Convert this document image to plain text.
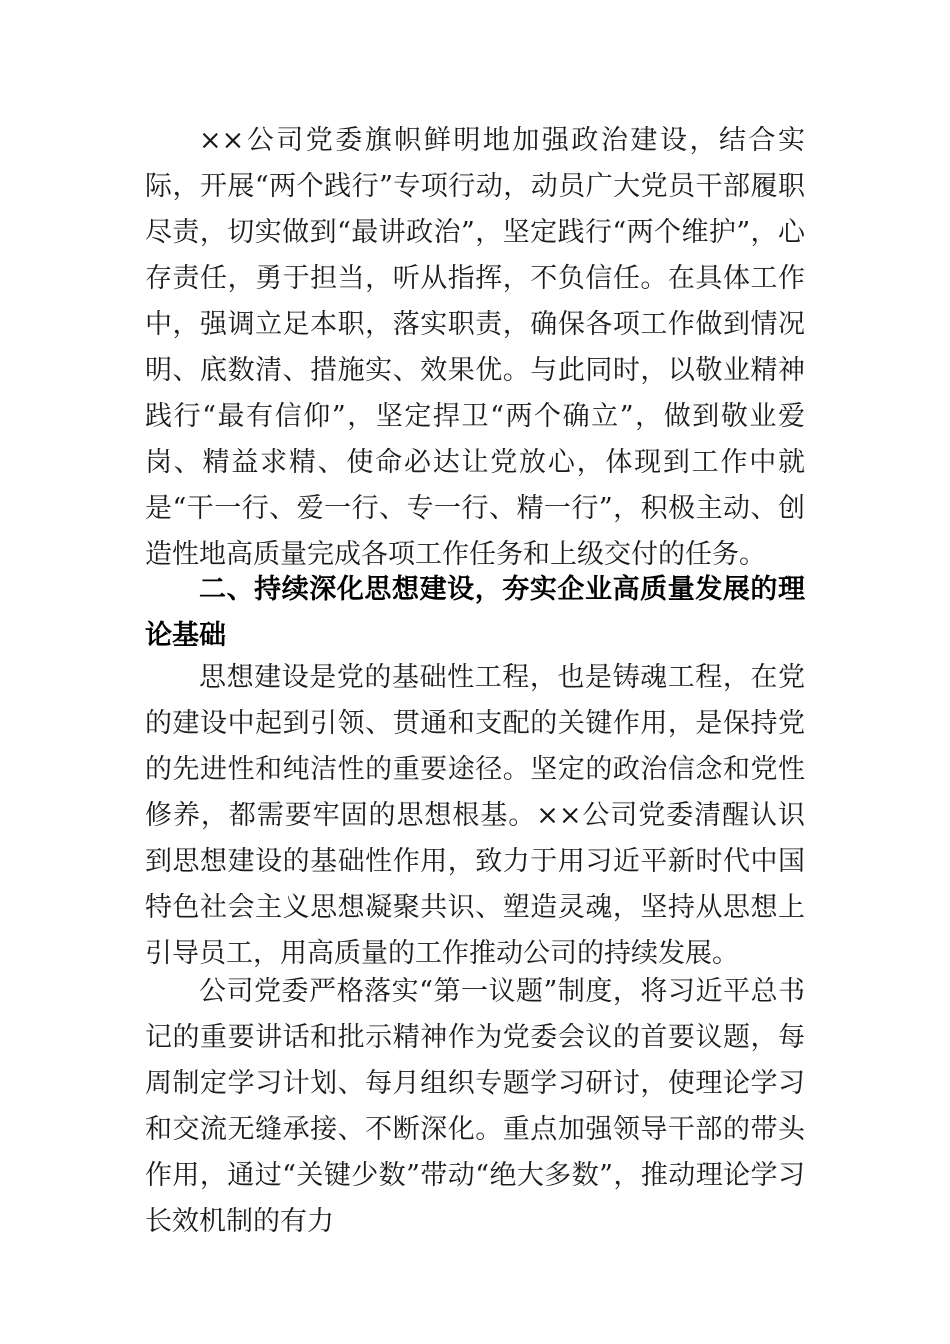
××公司党委旗帜鲜明地加强政治建设，结合实际，开展“两个践行”专项行动，动员广大党员干部履职尽责，切实做到“最讲政治”，坚定践行“两个维护”，心存责任，勇于担当，听从指挥，不负信任。在具体工作中，强调立足本职，落实职责，确保各项工作做到情况明、底数清、措施实、效果优。与此同时，以敬业精神践行“最有信仰”，坚定捍卫“两个确立”，做到敬业爱岗、精益求精、使命必达让党放心，体现到工作中就是“干一行、爱一行、专一行、精一行”，积极主动、创造性地高质量完成各项工作任务和上级交付的任务。

二、持续深化思想建设，夯实企业高质量发展的理论基础

思想建设是党的基础性工程，也是铸魂工程，在党的建设中起到引领、贯通和支配的关键作用，是保持党的先进性和纯洁性的重要途径。坚定的政治信念和党性修养，都需要牢固的思想根基。××公司党委清醒认识到思想建设的基础性作用，致力于用习近平新时代中国特色社会主义思想凝聚共识、塑造灵魂，坚持从思想上引导员工，用高质量的工作推动公司的持续发展。

公司党委严格落实“第一议题”制度，将习近平总书记的重要讲话和批示精神作为党委会议的首要议题，每周制定学习计划、每月组织专题学习研讨，使理论学习和交流无缝承接、不断深化。重点加强领导干部的带头作用，通过“关键少数”带动“绝大多数”，推动理论学习长效机制的有力
